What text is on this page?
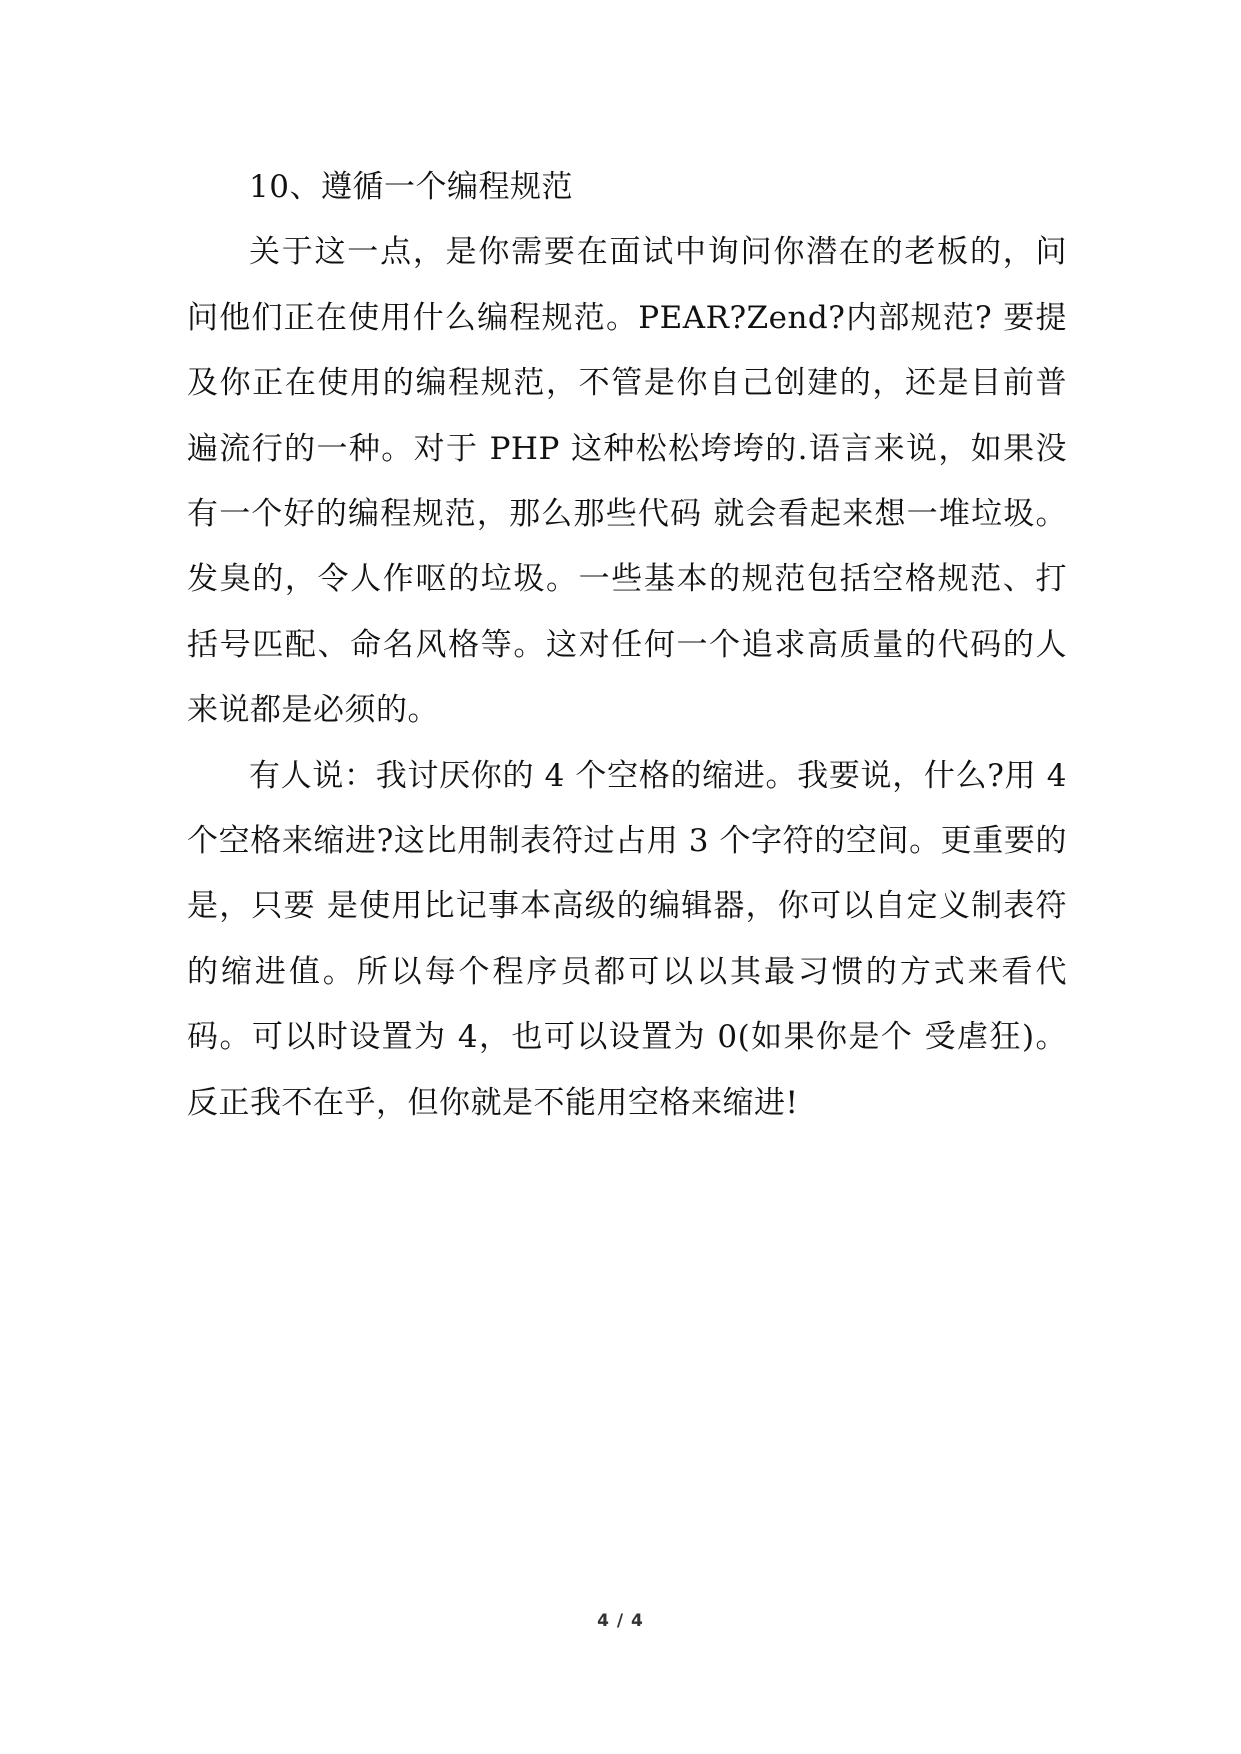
10、遵循一个编程规范

关于这一点，是你需要在面试中询问你潜在的老板的，问问他们正在使用什么编程规范。PEAR?Zend?内部规范? 要提及你正在使用的编程规范，不管是你自己创建的，还是目前普遍流行的一种。对于 PHP 这种松松垮垮的.语言来说，如果没有一个好的编程规范，那么那些代码 就会看起来想一堆垃圾。发臭的，令人作呕的垃圾。一些基本的规范包括空格规范、打括号匹配、命名风格等。这对任何一个追求高质量的代码的人来说都是必须的。

有人说：我讨厌你的 4 个空格的缩进。我要说，什么?用 4 个空格来缩进?这比用制表符过占用 3 个字符的空间。更重要的是，只要 是使用比记事本高级的编辑器，你可以自定义制表符的缩进值。所以每个程序员都可以以其最习惯的方式来看代码。可以时设置为 4，也可以设置为 0(如果你是个 受虐狂)。反正我不在乎，但你就是不能用空格来缩进!

4 / 4
